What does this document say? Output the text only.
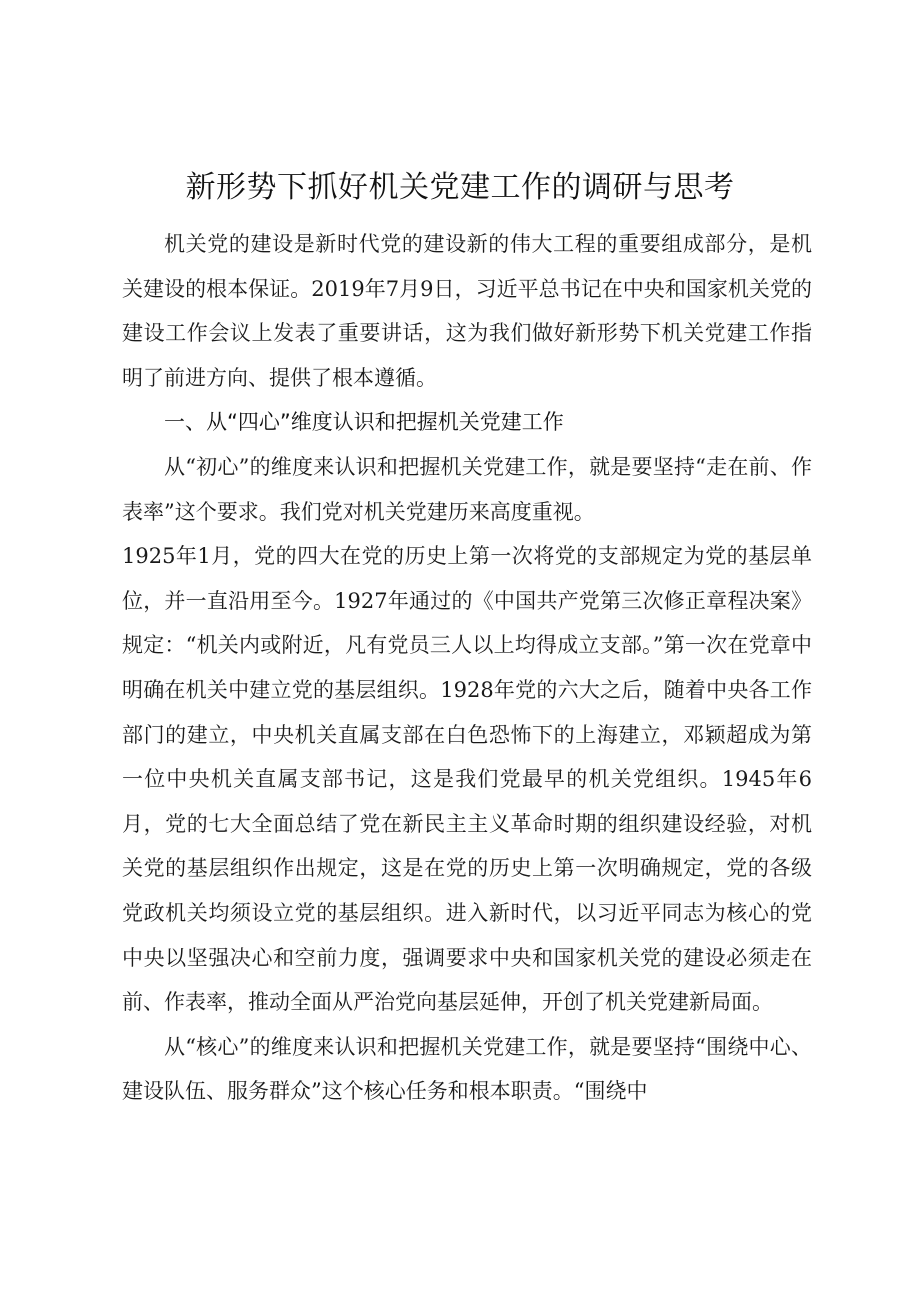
新形势下抓好机关党建工作的调研与思考

机关党的建设是新时代党的建设新的伟大工程的重要组成部分，是机关建设的根本保证。2019年7月9日，习近平总书记在中央和国家机关党的建设工作会议上发表了重要讲话，这为我们做好新形势下机关党建工作指明了前进方向、提供了根本遵循。

一、从“四心”维度认识和把握机关党建工作

从“初心”的维度来认识和把握机关党建工作，就是要坚持“走在前、作表率”这个要求。我们党对机关党建历来高度重视。

1925年1月，党的四大在党的历史上第一次将党的支部规定为党的基层单位，并一直沿用至今。1927年通过的《中国共产党第三次修正章程决案》规定：“机关内或附近，凡有党员三人以上均得成立支部。”第一次在党章中明确在机关中建立党的基层组织。1928年党的六大之后，随着中央各工作部门的建立，中央机关直属支部在白色恐怖下的上海建立，邓颖超成为第一位中央机关直属支部书记，这是我们党最早的机关党组织。1945年6月，党的七大全面总结了党在新民主主义革命时期的组织建设经验，对机关党的基层组织作出规定，这是在党的历史上第一次明确规定，党的各级党政机关均须设立党的基层组织。进入新时代，以习近平同志为核心的党中央以坚强决心和空前力度，强调要求中央和国家机关党的建设必须走在前、作表率，推动全面从严治党向基层延伸，开创了机关党建新局面。

从“核心”的维度来认识和把握机关党建工作，就是要坚持“围绕中心、建设队伍、服务群众”这个核心任务和根本职责。“围绕中
